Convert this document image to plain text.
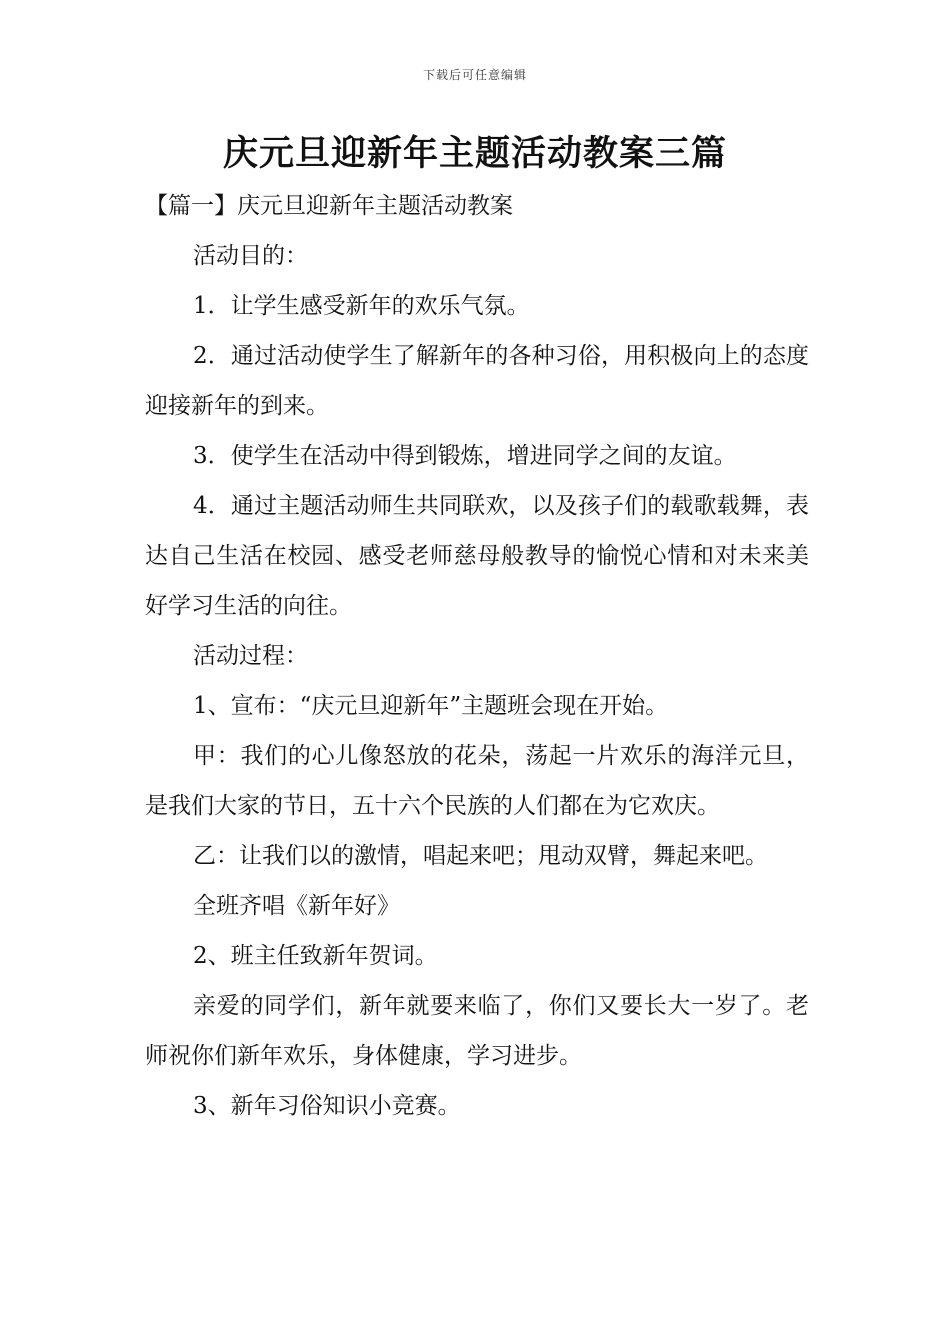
下载后可任意编辑
庆元旦迎新年主题活动教案三篇

【篇一】庆元旦迎新年主题活动教案

活动目的：

1．让学生感受新年的欢乐气氛。

2．通过活动使学生了解新年的各种习俗，用积极向上的态度迎接新年的到来。

3．使学生在活动中得到锻炼，增进同学之间的友谊。

4．通过主题活动师生共同联欢，以及孩子们的载歌载舞，表达自己生活在校园、感受老师慈母般教导的愉悦心情和对未来美好学习生活的向往。

活动过程：

1、宣布：“庆元旦迎新年”主题班会现在开始。

甲：我们的心儿像怒放的花朵，荡起一片欢乐的海洋元旦，是我们大家的节日，五十六个民族的人们都在为它欢庆。

乙：让我们以的激情，唱起来吧；甩动双臂，舞起来吧。

全班齐唱《新年好》

2、班主任致新年贺词。

亲爱的同学们，新年就要来临了，你们又要长大一岁了。老师祝你们新年欢乐，身体健康，学习进步。

3、新年习俗知识小竞赛。
